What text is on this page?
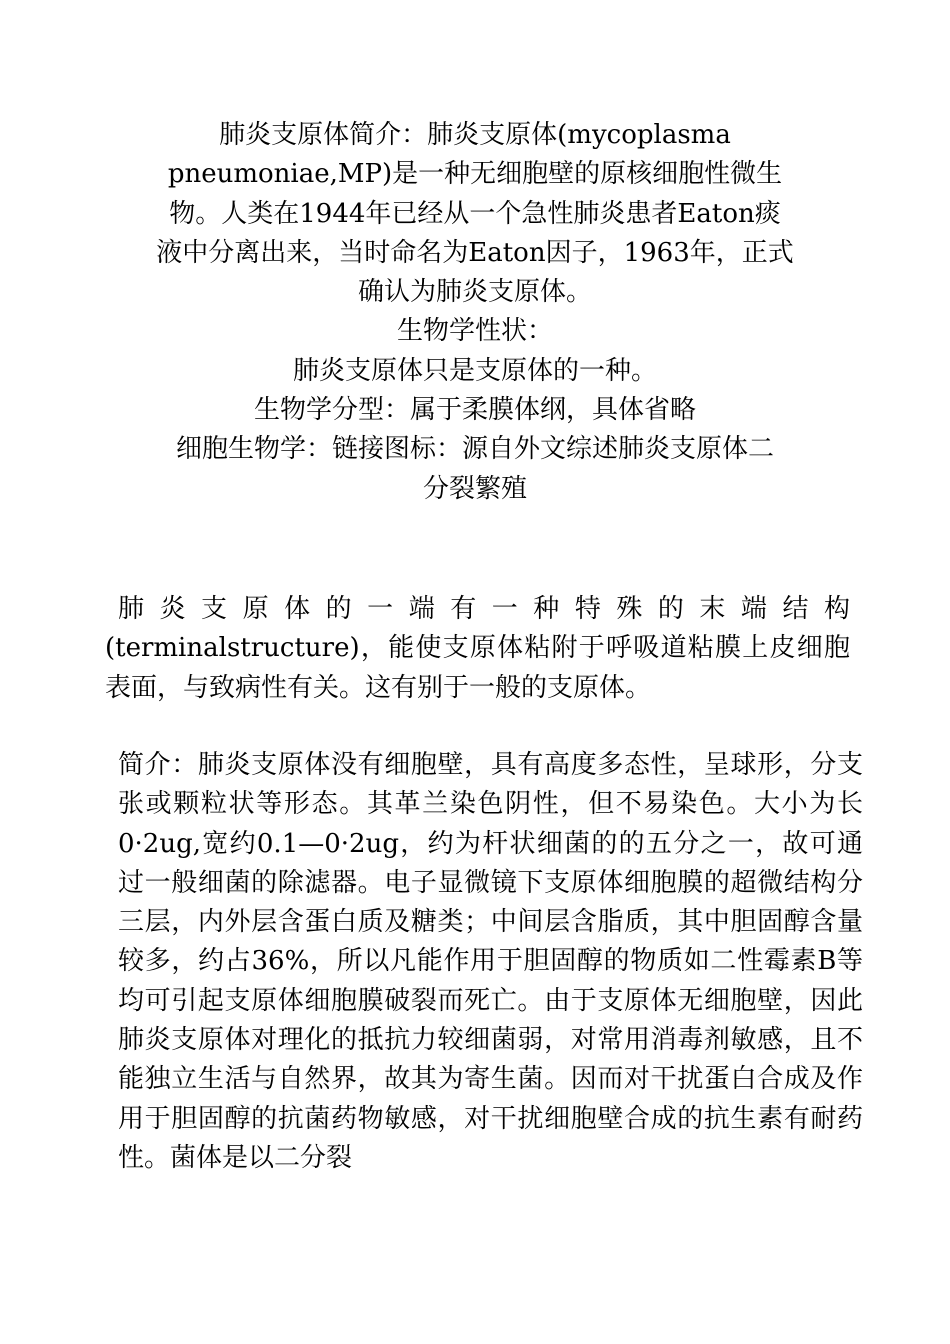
肺炎支原体简介：肺炎支原体(mycoplasma

pneumoniae,MP)是一种无细胞壁的原核细胞性微生

物。人类在1944年已经从一个急性肺炎患者Eaton痰

液中分离出来，当时命名为Eaton因子，1963年，正式

确认为肺炎支原体。

生物学性状：

肺炎支原体只是支原体的一种。

生物学分型：属于柔膜体纲，具体省略

细胞生物学：链接图标：源自外文综述肺炎支原体二

分裂繁殖

肺炎支原体的一端有一种特殊的末端结构
(terminalstructure)，能使支原体粘附于呼吸道粘膜上皮细胞表面，与致病性有关。这有别于一般的支原体。

简介：肺炎支原体没有细胞壁，具有高度多态性，呈球形，分支张或颗粒状等形态。其革兰染色阴性，但不易染色。大小为长0·2ug,宽约0.1—0·2ug，约为杆状细菌的的五分之一，故可通过一般细菌的除滤器。电子显微镜下支原体细胞膜的超微结构分三层，内外层含蛋白质及糖类；中间层含脂质，其中胆固醇含量较多，约占36%，所以凡能作用于胆固醇的物质如二性霉素B等均可引起支原体细胞膜破裂而死亡。由于支原体无细胞壁，因此肺炎支原体对理化的抵抗力较细菌弱，对常用消毒剂敏感，且不能独立生活与自然界，故其为寄生菌。因而对干扰蛋白合成及作用于胆固醇的抗菌药物敏感，对干扰细胞壁合成的抗生素有耐药性。菌体是以二分裂
